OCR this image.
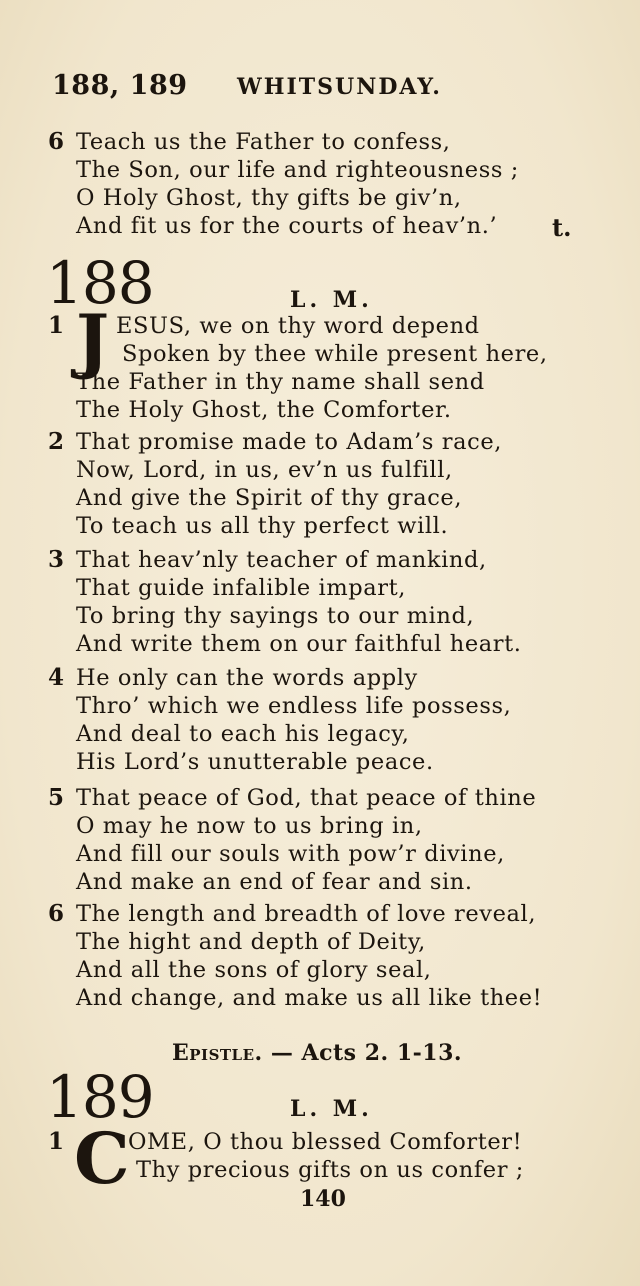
188, 189 WHITSUNDAY.
6 Teach us the Father to confess,
The Son, our life and righteousness ;
O Holy Ghost, thy gifts be giv’n,
And fit us for the courts of heav’n.’	t.
188	L. M.
1 J ESUS, we on thy word depend
Spoken by thee while present here,
The Father in thy name shall send
The Holy Ghost, the Comforter.
2 That promise made to Adam’s race,
Now, Lord, in us, ev’n us fulfill,
And give the Spirit of thy grace,
To teach us all thy perfect will.
3 That heav’nly teacher of mankind,
That guide infalible impart,
To bring thy sayings to our mind,
And write them on our faithful heart.
4 He only can the words apply
Thro’ which we endless life possess,
And deal to each his legacy,
His Lord’s unutterable peace.
5 That peace of God, that peace of thine
O may he now to us bring in,
And fill our souls with pow’r divine,
And make an end of fear and sin.
6 The length and breadth of love reveal,
The hight and depth of Deity,
And all the sons of glory seal,
And change, and make us all like thee!
Epistle. — Acts 2. 1-13.
189	L. M.
1 C
OME, O thou blessed Comforter!
Thy precious gifts on us confer ;
140
